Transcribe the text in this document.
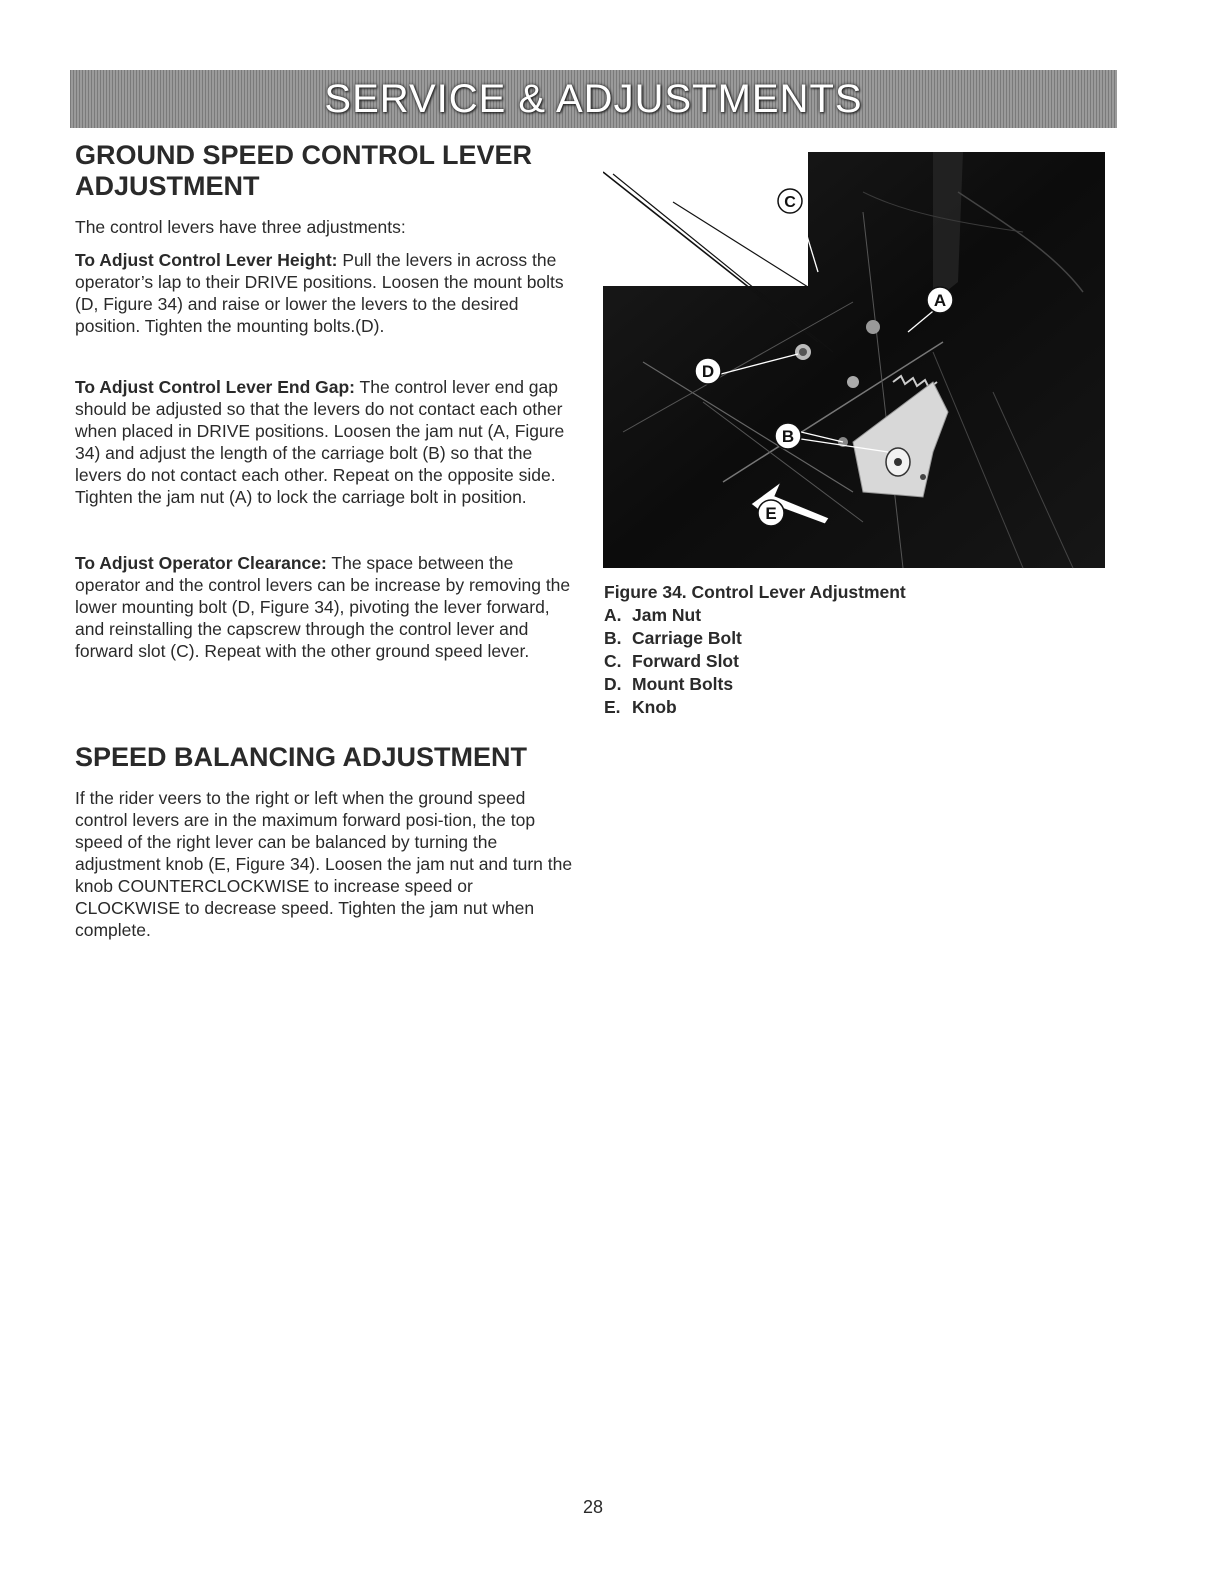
SERVICE & ADJUSTMENTS
GROUND SPEED CONTROL LEVER ADJUSTMENT

The control levers have three adjustments:

To Adjust Control Lever Height: Pull the levers in across the operator’s lap to their DRIVE positions. Loosen the mount bolts (D, Figure 34) and raise or lower the levers to the desired position. Tighten the mounting bolts.(D).

To Adjust Control Lever End Gap: The control lever end gap should be adjusted so that the levers do not contact each other when placed in DRIVE positions. Loosen the jam nut (A, Figure 34) and adjust the length of the carriage bolt (B) so that the levers do not contact each other. Repeat on the opposite side. Tighten the jam nut (A) to lock the carriage bolt in position.

To Adjust Operator Clearance: The space between the operator and the control levers can be increase by removing the lower mounting bolt (D, Figure 34), pivoting the lever forward, and reinstalling the capscrew through the control lever and forward slot (C). Repeat with the other ground speed lever.

SPEED BALANCING ADJUSTMENT

If the rider veers to the right or left when the ground speed control levers are in the maximum forward posi-tion, the top speed of the right lever can be balanced by turning the adjustment knob (E, Figure 34). Loosen the jam nut and turn the knob COUNTERCLOCKWISE to increase speed or CLOCKWISE to decrease speed. Tighten the jam nut when complete.

C
A
D
B
E

Figure 34. Control Lever Adjustment

A. Jam Nut
B. Carriage Bolt
C. Forward Slot
D. Mount Bolts
E. Knob
28
